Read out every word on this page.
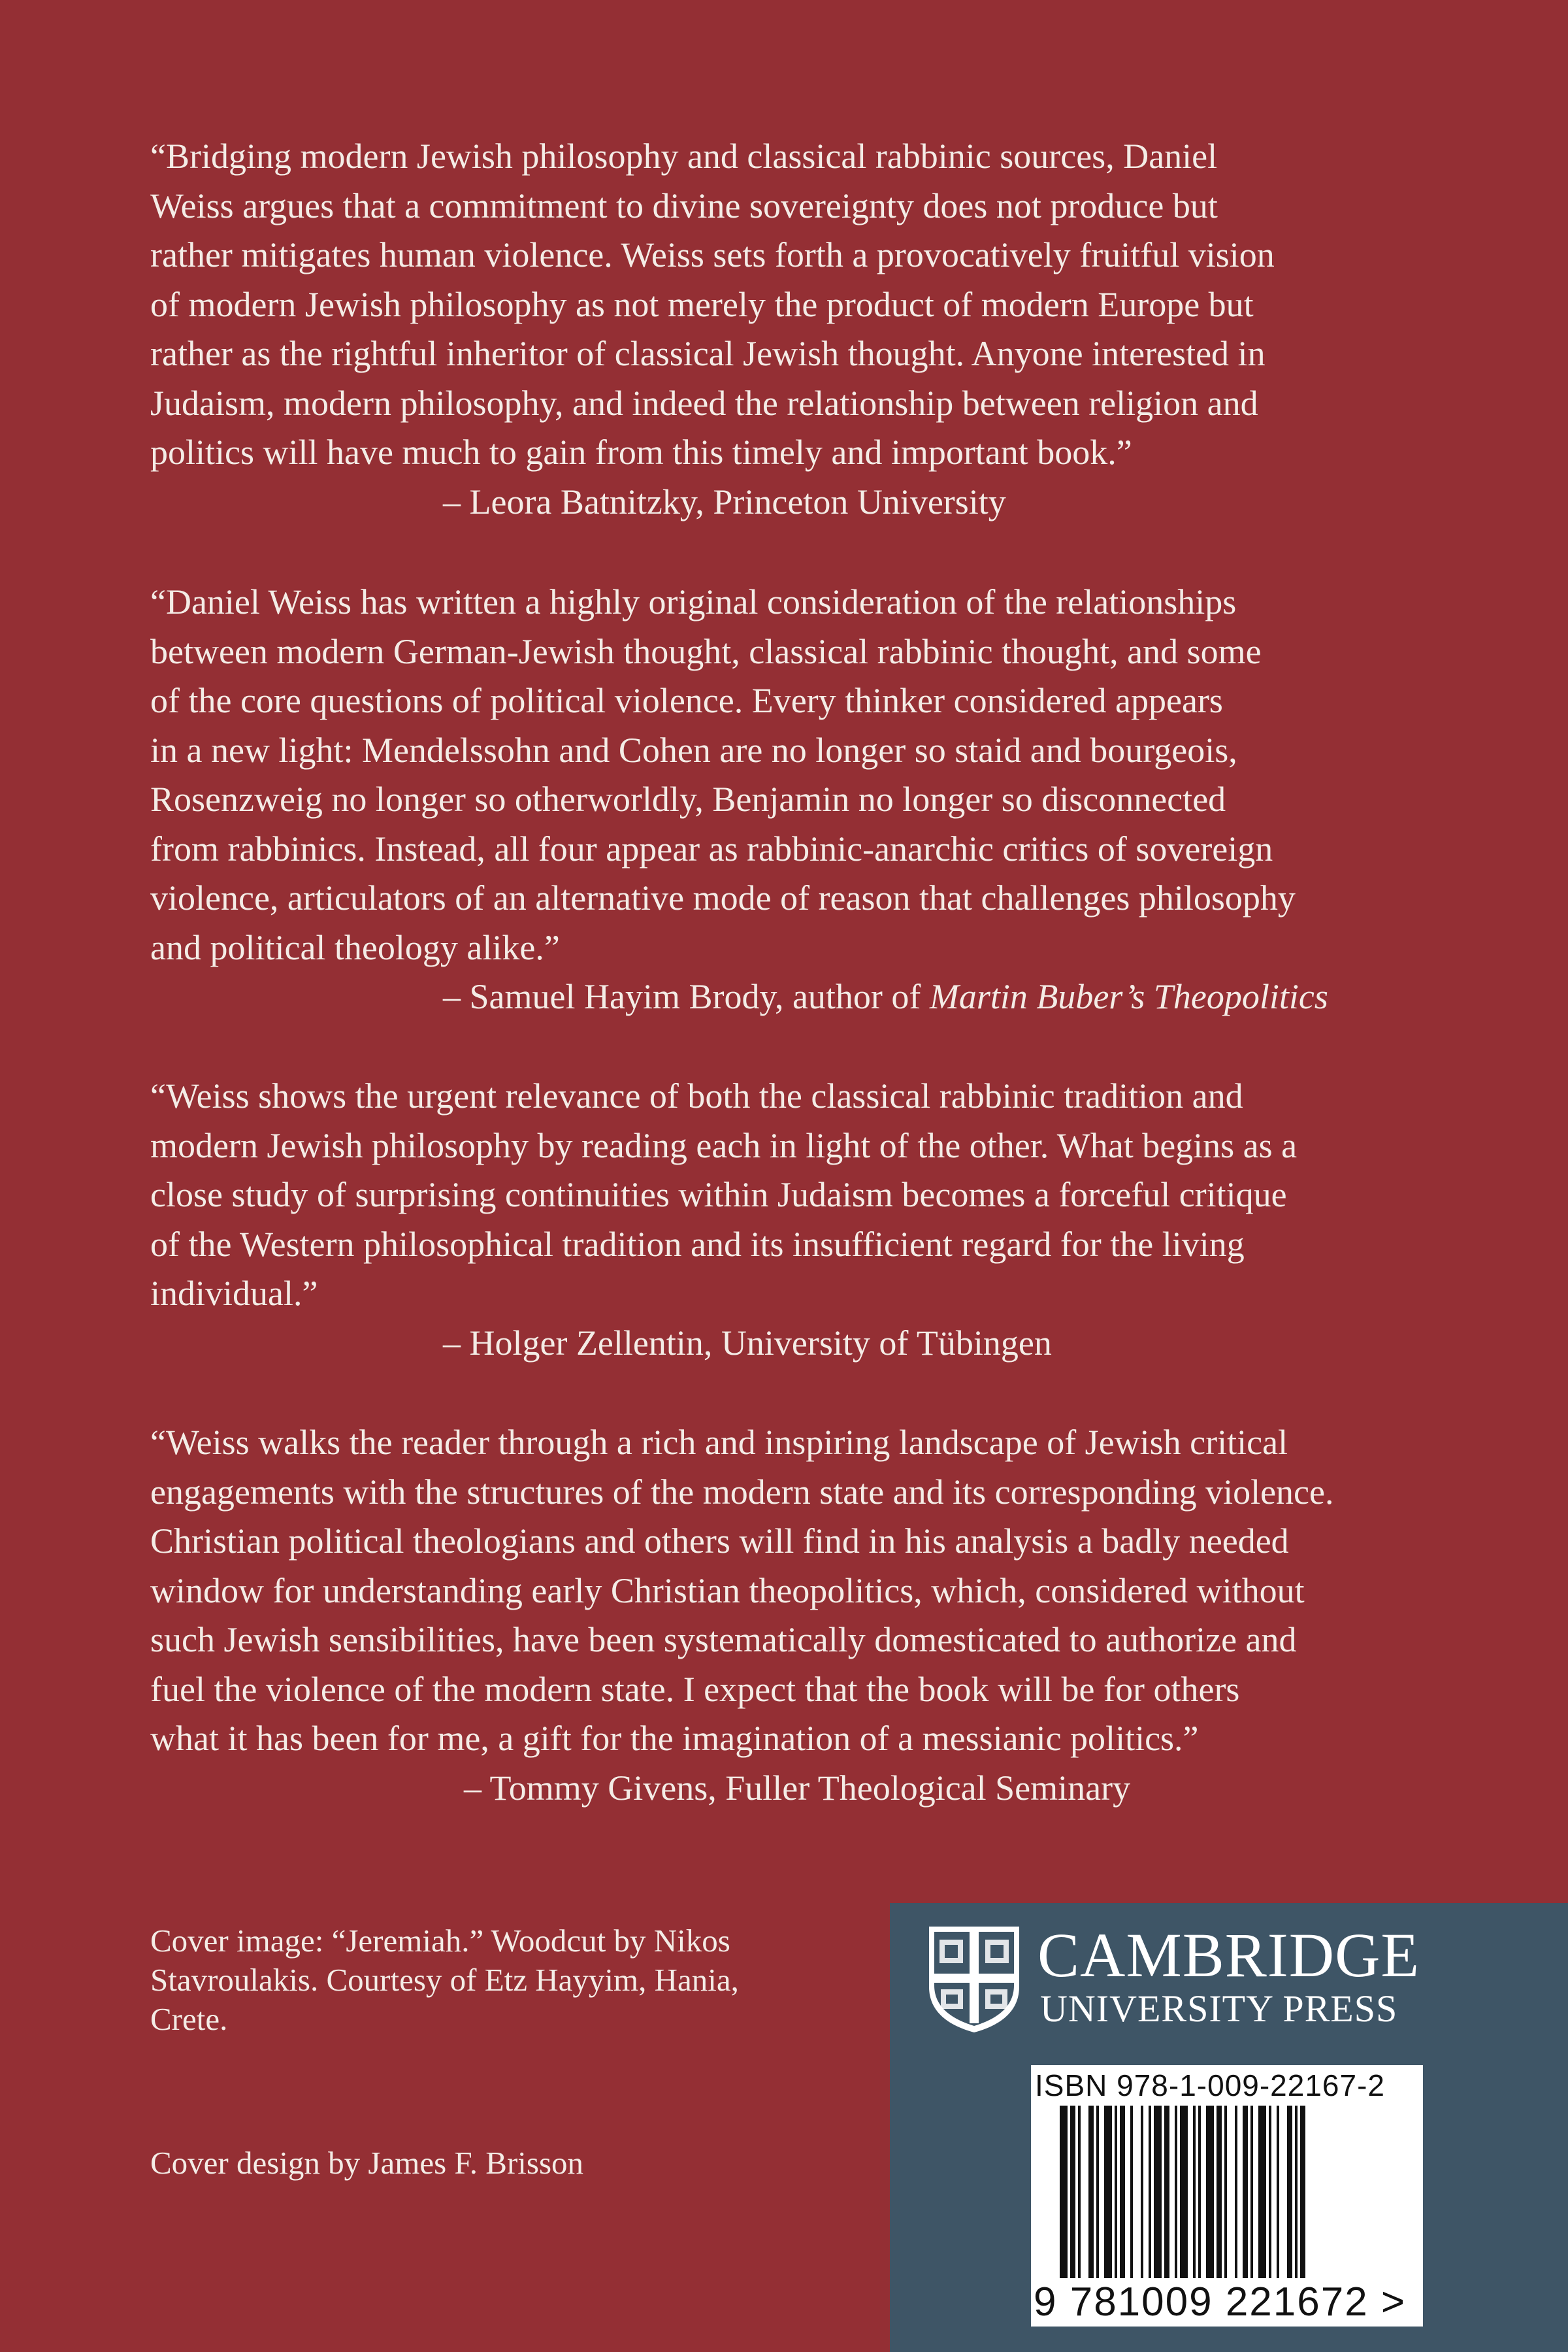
“Bridging modern Jewish philosophy and classical rabbinic sources, Daniel

Weiss argues that a commitment to divine sovereignty does not produce but

rather mitigates human violence. Weiss sets forth a provocatively fruitful vision

of modern Jewish philosophy as not merely the product of modern Europe but

rather as the rightful inheritor of classical Jewish thought. Anyone interested in

Judaism, modern philosophy, and indeed the relationship between religion and

politics will have much to gain from this timely and important book.”

– Leora Batnitzky, Princeton University

“Daniel Weiss has written a highly original consideration of the relationships

between modern German-Jewish thought, classical rabbinic thought, and some

of the core questions of political violence. Every thinker considered appears

in a new light: Mendelssohn and Cohen are no longer so staid and bourgeois,

Rosenzweig no longer so otherworldly, Benjamin no longer so disconnected

from rabbinics. Instead, all four appear as rabbinic-anarchic critics of sovereign

violence, articulators of an alternative mode of reason that challenges philosophy

and political theology alike.”

– Samuel Hayim Brody, author of Martin Buber’s Theopolitics

“Weiss shows the urgent relevance of both the classical rabbinic tradition and

modern Jewish philosophy by reading each in light of the other. What begins as a

close study of surprising continuities within Judaism becomes a forceful critique

of the Western philosophical tradition and its insufficient regard for the living

individual.”

– Holger Zellentin, University of Tübingen

“Weiss walks the reader through a rich and inspiring landscape of Jewish critical

engagements with the structures of the modern state and its corresponding violence.

Christian political theologians and others will find in his analysis a badly needed

window for understanding early Christian theopolitics, which, considered without

such Jewish sensibilities, have been systematically domesticated to authorize and

fuel the violence of the modern state. I expect that the book will be for others

what it has been for me, a gift for the imagination of a messianic politics.”

– Tommy Givens, Fuller Theological Seminary
Cover image: “Jeremiah.” Woodcut by Nikos
Stavroulakis. Courtesy of Etz Hayyim, Hania,
Crete.
Cover design by James F. Brisson
CAMBRIDGE
UNIVERSITY PRESS
ISBN 978-1-009-22167-2
9 781009 221672 >
